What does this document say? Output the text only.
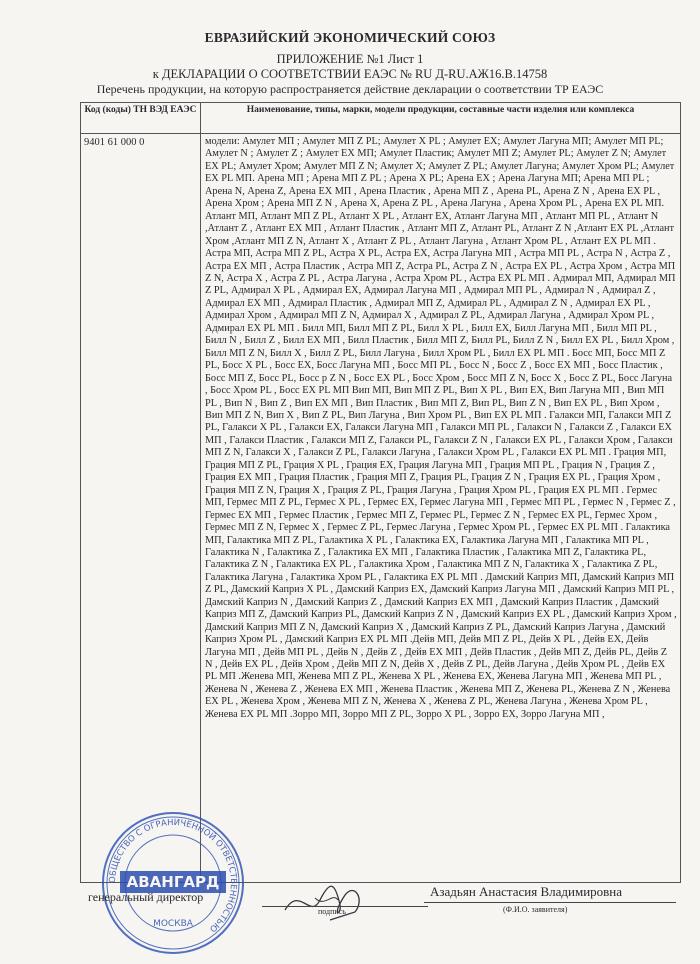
ЕВРАЗИЙСКИЙ ЭКОНОМИЧЕСКИЙ СОЮЗ
ПРИЛОЖЕНИЕ №1 Лист 1
к ДЕКЛАРАЦИИ О СООТВЕТСТВИИ ЕАЭС № RU Д-RU.АЖ16.В.14758
Перечень продукции, на которую распространяется действие декларации о соответствии ТР ЕАЭС
Код (коды) ТН ВЭД ЕАЭС	Наименование, типы, марки, модели продукции, составные части изделия или комплекса
9401 61 000 0	модели: Амулет МП ; Амулет МП Z PL; Амулет X PL ; Амулет ЕХ; Амулет Лагуна МП; Амулет МП PL; Амулет N ; Амулет Z ; Амулет ЕХ МП; Амулет Пластик; Амулет МП Z; Амулет PL; Амулет Z N; Амулет ЕХ PL; Амулет Хром; Амулет МП Z N; Амулет X; Амулет Z PL; Амулет Лагуна; Амулет Хром PL; Амулет ЕХ PL МП. Арена МП ; Арена МП Z PL ; Арена X PL; Арена ЕХ ; Арена Лагуна МП; Арена МП PL ; Арена N, Арена Z, Арена ЕХ МП , Арена Пластик , Арена МП Z , Арена PL, Арена Z N , Арена ЕХ PL , Арена Хром ; Арена МП Z N , Арена X, Арена Z PL , Арена Лагуна , Арена Хром PL , Арена ЕХ PL МП. Атлант МП, Атлант МП Z PL, Атлант X PL , Атлант ЕХ, Атлант Лагуна МП , Атлант МП PL , Атлант N ,Атлант Z , Атлант ЕХ МП , Атлант Пластик , Атлант МП Z, Атлант PL, Атлант Z N ,Атлант ЕХ PL ,Атлант Хром ,Атлант МП Z N, Атлант X , Атлант Z PL , Атлант Лагуна , Атлант Хром PL , Атлант ЕХ PL МП . Астра МП, Астра МП Z PL, Астра X PL, Астра ЕХ, Астра Лагуна МП , Астра МП PL , Астра N , Астра Z , Астра ЕХ МП , Астра Пластик , Астра МП Z, Астра PL, Астра Z N , Астра ЕХ PL , Астра Хром , Астра МП Z N, Астра X , Астра Z PL , Астра Лагуна , Астра Хром PL , Астра ЕХ PL МП . Адмирал МП, Адмирал МП Z PL, Адмирал X PL , Адмирал ЕХ, Адмирал Лагуна МП , Адмирал МП PL , Адмирал N , Адмирал Z , Адмирал ЕХ МП , Адмирал Пластик , Адмирал МП Z, Адмирал PL , Адмирал Z N , Адмирал ЕХ PL , Адмирал Хром , Адмирал МП Z N, Адмирал X , Адмирал Z PL, Адмирал Лагуна , Адмирал Хром PL , Адмирал ЕХ PL МП . Билл МП, Билл МП Z PL, Билл X PL , Билл ЕХ, Билл Лагуна МП , Билл МП PL , Билл N , Билл Z , Билл ЕХ МП , Билл Пластик , Билл МП Z, Билл PL, Билл Z N , Билл ЕХ PL , Билл Хром , Билл МП Z N, Билл X , Билл Z PL, Билл Лагуна , Билл Хром PL , Билл ЕХ PL МП . Босс МП, Босс МП Z PL, Босс X PL , Босс ЕХ, Босс Лагуна МП , Босс МП PL , Босс N , Босс Z , Босс ЕХ МП , Босс Пластик , Босс МП Z, Босс PL, Босс p Z N , Босс ЕХ PL , Босс Хром , Босс МП Z N, Босс X , Босс Z PL, Босс Лагуна , Босс Хром PL , Босс ЕХ PL МП Вип МП, Вип МП Z PL, Вип X PL , Вип ЕХ, Вип Лагуна МП , Вип МП PL , Вип N , Вип Z , Вип ЕХ МП , Вип Пластик , Вип МП Z, Вип PL, Вип Z N , Вип ЕХ PL , Вип Хром , Вип МП Z N, Вип X , Вип Z PL, Вип Лагуна , Вип Хром PL , Вип ЕХ PL МП . Галакси МП, Галакси МП Z PL, Галакси X PL , Галакси ЕХ, Галакси Лагуна МП , Галакси МП PL , Галакси N , Галакси Z , Галакси ЕХ МП , Галакси Пластик , Галакси МП Z, Галакси PL, Галакси Z N , Галакси ЕХ PL , Галакси Хром , Галакси МП Z N, Галакси X , Галакси Z PL, Галакси Лагуна , Галакси Хром PL , Галакси ЕХ PL МП . Грация МП, Грация МП Z PL, Грация X PL , Грация ЕХ, Грация Лагуна МП , Грация МП PL , Грация N , Грация Z , Грация ЕХ МП , Грация Пластик , Грация МП Z, Грация PL, Грация Z N , Грация ЕХ PL , Грация Хром , Грация МП Z N, Грация X , Грация Z PL, Грация Лагуна , Грация Хром PL , Грация ЕХ PL МП . Гермес МП, Гермес МП Z PL, Гермес X PL , Гермес ЕХ, Гермес Лагуна МП , Гермес МП PL , Гермес N , Гермес Z , Гермес ЕХ МП , Гермес Пластик , Гермес МП Z, Гермес PL, Гермес Z N , Гермес ЕХ PL, Гермес Хром , Гермес МП Z N, Гермес X , Гермес Z PL, Гермес Лагуна , Гермес Хром PL , Гермес ЕХ PL МП . Галактика МП, Галактика МП Z PL, Галактика X PL , Галактика ЕХ, Галактика Лагуна МП , Галактика МП PL , Галактика N , Галактика Z , Галактика ЕХ МП , Галактика Пластик , Галактика МП Z, Галактика PL, Галактика Z N , Галактика ЕХ PL , Галактика Хром , Галактика МП Z N, Галактика X , Галактика Z PL, Галактика Лагуна , Галактика Хром PL , Галактика ЕХ PL МП . Дамский Каприз МП, Дамский Каприз МП Z PL, Дамский Каприз X PL , Дамский Каприз ЕХ, Дамский Каприз Лагуна МП , Дамский Каприз МП PL , Дамский Каприз N , Дамский Каприз Z , Дамский Каприз ЕХ МП , Дамский Каприз Пластик , Дамский Каприз МП Z, Дамский Каприз PL, Дамский Каприз Z N , Дамский Каприз ЕХ PL , Дамский Каприз Хром , Дамский Каприз МП Z N, Дамский Каприз X , Дамский Каприз Z PL, Дамский Каприз Лагуна , Дамский Каприз Хром PL , Дамский Каприз ЕХ PL МП .Дейв МП, Дейв МП Z PL, Дейв X PL , Дейв ЕХ, Дейв Лагуна МП , Дейв МП PL , Дейв N , Дейв Z , Дейв ЕХ МП , Дейв Пластик , Дейв МП Z, Дейв PL, Дейв Z N , Дейв ЕХ PL , Дейв Хром , Дейв МП Z N, Дейв X , Дейв Z PL, Дейв Лагуна , Дейв Хром PL , Дейв ЕХ PL МП .Женева МП, Женева МП Z PL, Женева X PL , Женева ЕХ, Женева Лагуна МП , Женева МП PL , Женева N , Женева Z , Женева ЕХ МП , Женева Пластик , Женева МП Z, Женева PL, Женева Z N , Женева ЕХ PL , Женева Хром , Женева МП Z N, Женева X , Женева Z PL, Женева Лагуна , Женева Хром PL , Женева ЕХ PL МП .Зорро МП, Зорро МП Z PL, Зорро X PL , Зорро ЕХ, Зорро Лагуна МП ,
ОБЩЕСТВО С ОГРАНИЧЕННОЙ ОТВЕТСТВЕННОСТЬЮ
АВАНГАРД
МОСКВА
генеральный директор
подпись
Азадьян Анастасия Владимировна
(Ф.И.О. заявителя)
